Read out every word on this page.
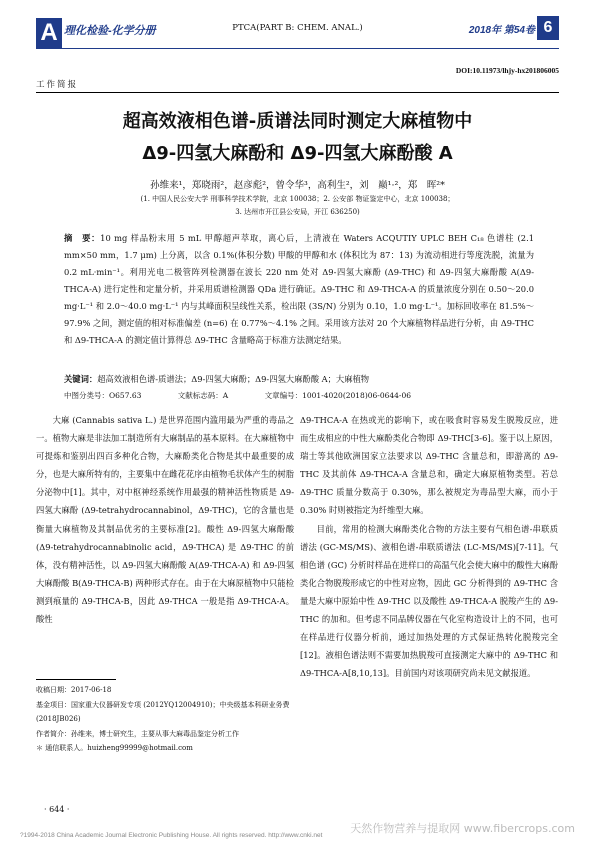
A 理化检验-化学分册	PTCA(PART B: CHEM. ANAL.)	2018年 第54卷 6
DOI:10.11973/lhjy-hx201806005
工作简报
超高效液相色谱-质谱法同时测定大麻植物中
Δ9-四氢大麻酚和 Δ9-四氢大麻酚酸 A
孙维来¹，郑晓雨²，赵彦彪²，曾令华³，高利生²，刘　巅¹·²，郑　晖²*
(1. 中国人民公安大学 刑事科学技术学院，北京 100038；2. 公安部 物证鉴定中心，北京 100038；
3. 达州市开江县公安局，开江 636250)
摘　要：10 mg 样品粉末用 5 mL 甲醇超声萃取，离心后，上清液在 Waters ACQUTIY UPLC BEH C₁₈ 色谱柱 (2.1 mm×50 mm，1.7 μm) 上分离，以含 0.1%(体积分数) 甲酸的甲醇和水 (体积比为 87：13) 为流动相进行等度洗脱，流量为 0.2 mL·min⁻¹。利用光电二极管阵列检测器在波长 220 nm 处对 Δ9-四氢大麻酚 (Δ9-THC) 和 Δ9-四氢大麻酚酸 A(Δ9-THCA-A) 进行定性和定量分析，并采用质谱检测器 QDa 进行确证。Δ9-THC 和 Δ9-THCA-A 的质量浓度分别在 0.50～20.0 mg·L⁻¹ 和 2.0～40.0 mg·L⁻¹ 内与其峰面积呈线性关系，检出限 (3S/N) 分别为 0.10，1.0 mg·L⁻¹。加标回收率在 81.5%～97.9% 之间，测定值的相对标准偏差 (n=6) 在 0.77%～4.1% 之间。采用该方法对 20 个大麻植物样品进行分析，由 Δ9-THC 和 Δ9-THCA-A 的测定值计算得总 Δ9-THC 含量略高于标准方法测定结果。
关键词：超高效液相色谱-质谱法；Δ9-四氢大麻酚；Δ9-四氢大麻酚酸 A；大麻植物
中图分类号：O657.63	文献标志码：A	文章编号：1001-4020(2018)06-0644-06

大麻 (Cannabis sativa L.) 是世界范围内滥用最为严重的毒品之一。植物大麻是非法加工制造所有大麻制品的基本原料。在大麻植物中可提炼和鉴别出四百多种化合物，大麻酚类化合物是其中最重要的成分，也是大麻所特有的，主要集中在雌花花序由植物毛状体产生的树脂分泌物中[1]。其中，对中枢神经系统作用最强的精神活性物质是 Δ9-四氢大麻酚 (Δ9-tetrahydrocannabinol，Δ9-THC)，它的含量也是衡量大麻植物及其制品优劣的主要标准[2]。酸性 Δ9-四氢大麻酚酸 (Δ9-tetrahydrocannabinolic acid，Δ9-THCA) 是 Δ9-THC 的前体，没有精神活性，以 Δ9-四氢大麻酚酸 A(Δ9-THCA-A) 和 Δ9-四氢大麻酚酸 B(Δ9-THCA-B) 两种形式存在。由于在大麻原植物中只能检测到痕量的 Δ9-THCA-B，因此 Δ9-THCA 一般是指 Δ9-THCA-A。酸性

Δ9-THCA-A 在热或光的影响下，或在吸食时容易发生脱羧反应，进而生成相应的中性大麻酚类化合物即 Δ9-THC[3-6]。鉴于以上原因，瑞士等其他欧洲国家立法要求以 Δ9-THC 含量总和，即游离的 Δ9-THC 及其前体 Δ9-THCA-A 含量总和，确定大麻原植物类型。若总 Δ9-THC 质量分数高于 0.30%，那么被规定为毒品型大麻，而小于 0.30% 时则被指定为纤维型大麻。

目前，常用的检测大麻酚类化合物的方法主要有气相色谱-串联质谱法 (GC-MS/MS)、液相色谱-串联质谱法 (LC-MS/MS)[7-11]。气相色谱 (GC) 分析时样品在进样口的高温气化会使大麻中的酸性大麻酚类化合物脱羧形成它的中性对应物，因此 GC 分析得到的 Δ9-THC 含量是大麻中原始中性 Δ9-THC 以及酸性 Δ9-THCA-A 脱羧产生的 Δ9-THC 的加和。但考虑不同品牌仪器在气化室构造设计上的不同，也可在样品进行仪器分析前，通过加热处理的方式保证热转化脱羧完全[12]。液相色谱法则不需要加热脱羧可直接测定大麻中的 Δ9-THC 和 Δ9-THCA-A[8,10,13]。目前国内对该项研究尚未见文献报道。

收稿日期：2017-06-18
基金项目：国家重大仪器研发专项 (2012YQ12004910)；中央级基本科研业务费 (2018JB026)
作者简介：孙维来，博士研究生，主要从事大麻毒品鉴定分析工作
＊ 通信联系人。huizheng99999@hotmail.com
· 644 ·
天然作物营养与提取网 www.fibercrops.com
?1994-2018 China Academic Journal Electronic Publishing House. All rights reserved. http://www.cnki.net
